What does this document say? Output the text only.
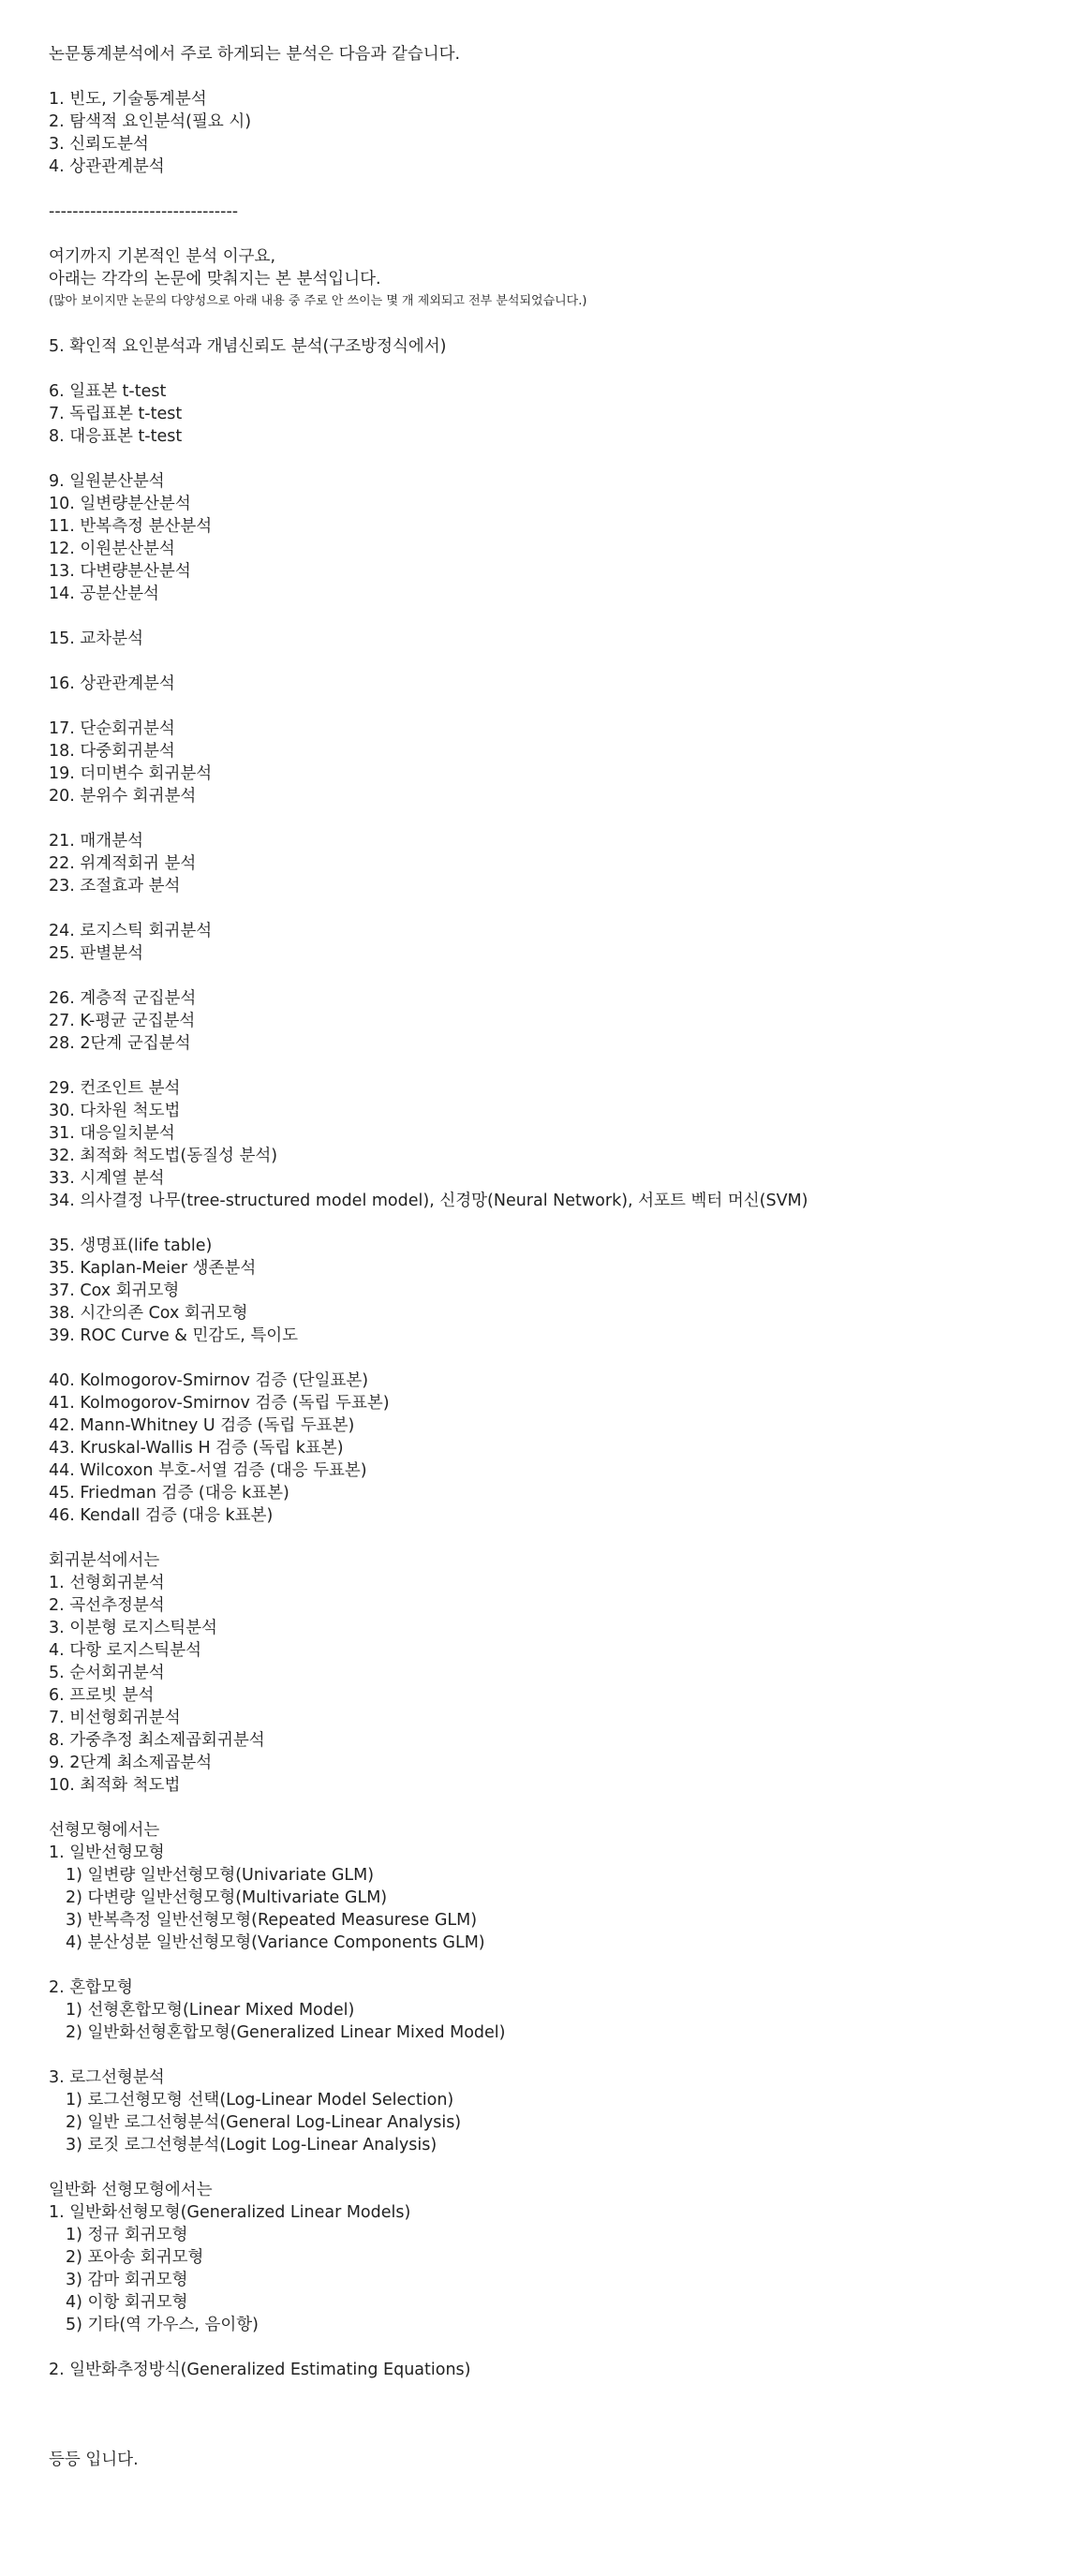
논문통계분석에서 주로 하게되는 분석은 다음과 같습니다.
1. 빈도, 기술통계분석
2. 탐색적 요인분석(필요 시)
3. 신뢰도분석
4. 상관관계분석
--------------------------------
여기까지 기본적인 분석 이구요,
아래는 각각의 논문에 맞춰지는 본 분석입니다.
(많아 보이지만 논문의 다양성으로 아래 내용 중 주로 안 쓰이는 몇 개 제외되고 전부 분석되었습니다.)
5. 확인적 요인분석과 개념신뢰도 분석(구조방정식에서)
6. 일표본 t-test
7. 독립표본 t-test
8. 대응표본 t-test
9. 일원분산분석
10. 일변량분산분석
11. 반복측정 분산분석
12. 이원분산분석
13. 다변량분산분석
14. 공분산분석
15. 교차분석
16. 상관관계분석
17. 단순회귀분석
18. 다중회귀분석
19. 더미변수 회귀분석
20. 분위수 회귀분석
21. 매개분석
22. 위계적회귀 분석
23. 조절효과 분석
24. 로지스틱 회귀분석
25. 판별분석
26. 계층적 군집분석
27. K-평균 군집분석
28. 2단계 군집분석
29. 컨조인트 분석
30. 다차원 척도법
31. 대응일치분석
32. 최적화 척도법(동질성 분석)
33. 시계열 분석
34. 의사결정 나무(tree-structured model model), 신경망(Neural Network), 서포트 벡터 머신(SVM)
35. 생명표(life table)
35. Kaplan-Meier 생존분석
37. Cox 회귀모형
38. 시간의존 Cox 회귀모형
39. ROC Curve & 민감도, 특이도
40. Kolmogorov-Smirnov 검증 (단일표본)
41. Kolmogorov-Smirnov 검증 (독립 두표본)
42. Mann-Whitney U 검증 (독립 두표본)
43. Kruskal-Wallis H 검증 (독립 k표본)
44. Wilcoxon 부호-서열 검증 (대응 두표본)
45. Friedman 검증 (대응 k표본)
46. Kendall 검증 (대응 k표본)
회귀분석에서는
1. 선형회귀분석
2. 곡선추정분석
3. 이분형 로지스틱분석
4. 다항 로지스틱분석
5. 순서회귀분석
6. 프로빗 분석
7. 비선형회귀분석
8. 가중추정 최소제곱회귀분석
9. 2단계 최소제곱분석
10. 최적화 척도법
선형모형에서는
1. 일반선형모형
1) 일변량 일반선형모형(Univariate GLM)
2) 다변량 일반선형모형(Multivariate GLM)
3) 반복측정 일반선형모형(Repeated Measurese GLM)
4) 분산성분 일반선형모형(Variance Components GLM)
2. 혼합모형
1) 선형혼합모형(Linear Mixed Model)
2) 일반화선형혼합모형(Generalized Linear Mixed Model)
3. 로그선형분석
1) 로그선형모형 선택(Log-Linear Model Selection)
2) 일반 로그선형분석(General Log-Linear Analysis)
3) 로짓 로그선형분석(Logit Log-Linear Analysis)
일반화 선형모형에서는
1. 일반화선형모형(Generalized Linear Models)
1) 정규 회귀모형
2) 포아송 회귀모형
3) 감마 회귀모형
4) 이항 회귀모형
5) 기타(역 가우스, 음이항)
2. 일반화추정방식(Generalized Estimating Equations)
등등 입니다.
